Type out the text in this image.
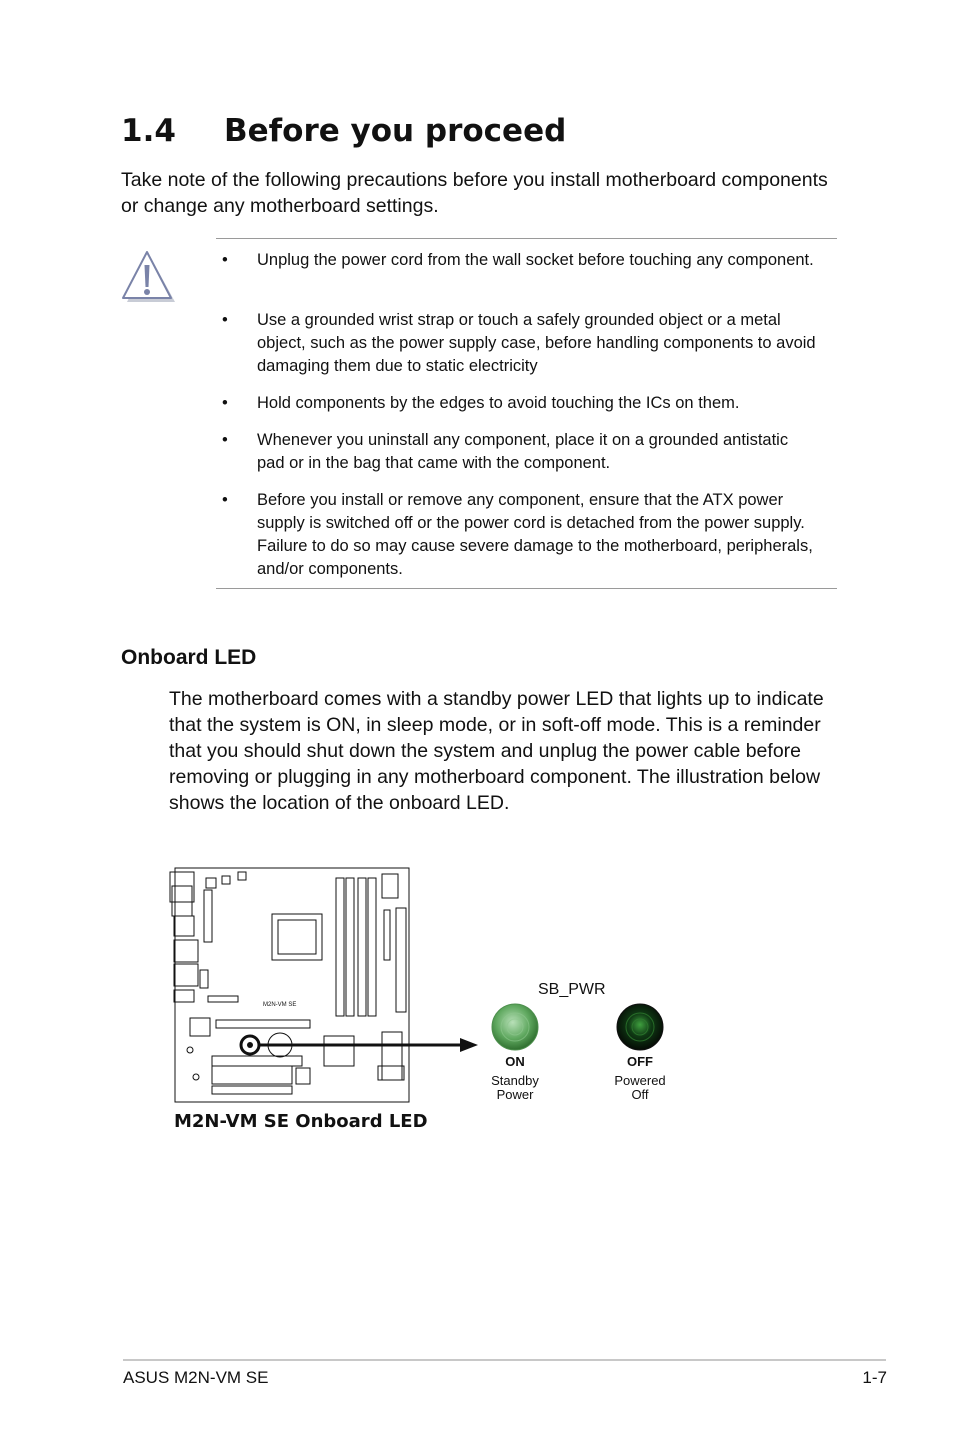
1.4 Before you proceed
Take note of the following precautions before you install motherboard components or change any motherboard settings.
• Unplug the power cord from the wall socket before touching any component.
• Use a grounded wrist strap or touch a safely grounded object or a metal object, such as the power supply case, before handling components to avoid damaging them due to static electricity
• Hold components by the edges to avoid touching the ICs on them.
• Whenever you uninstall any component, place it on a grounded antistatic pad or in the bag that came with the component.
• Before you install or remove any component, ensure that the ATX power supply is switched off or the power cord is detached from the power supply. Failure to do so may cause severe damage to the motherboard, peripherals, and/or components.
Onboard LED
The motherboard comes with a standby power LED that lights up to indicate that the system is ON, in sleep mode, or in soft-off mode. This is a reminder that you should shut down the system and unplug the power cable before removing or plugging in any motherboard component. The illustration below shows the location of the onboard LED.
M2N-VM SE
SB_PWR
ON
Standby
Power
OFF
Powered
Off
M2N-VM SE Onboard LED
ASUS M2N-VM SE	1-7
